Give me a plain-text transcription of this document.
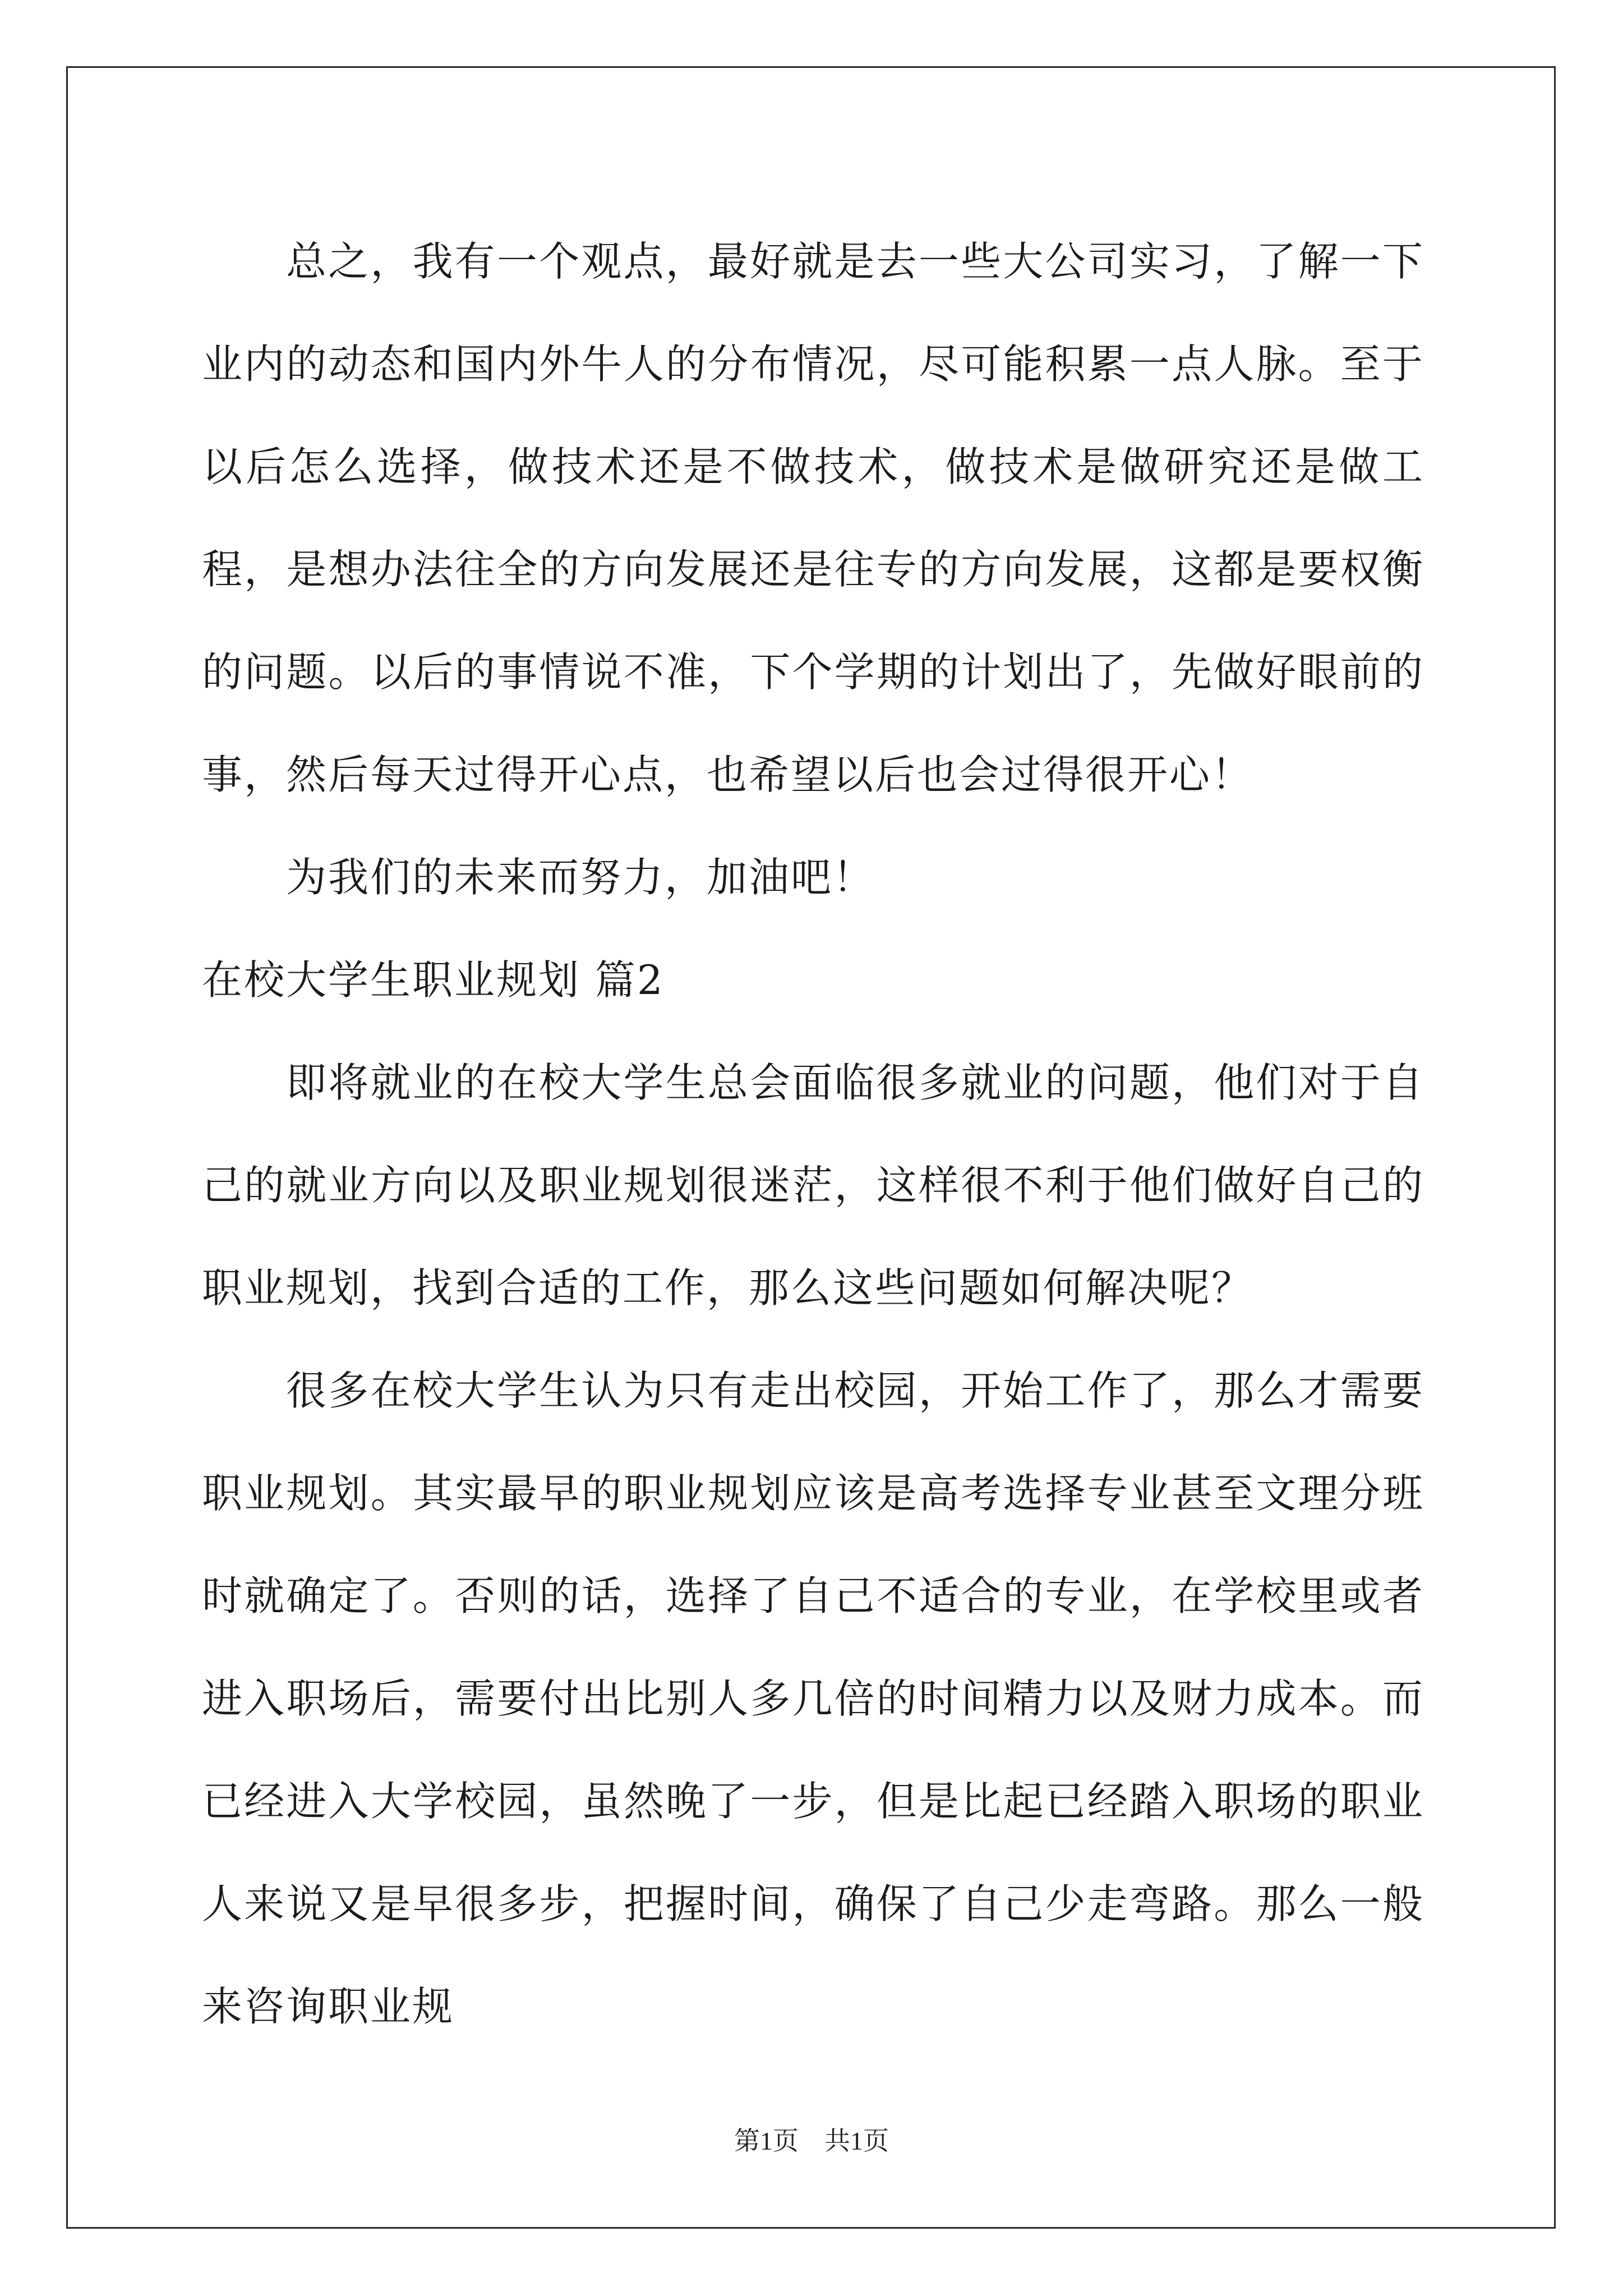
总之，我有一个观点，最好就是去一些大公司实习，了解一下业内的动态和国内外牛人的分布情况，尽可能积累一点人脉。至于以后怎么选择，做技术还是不做技术，做技术是做研究还是做工程，是想办法往全的方向发展还是往专的方向发展，这都是要权衡的问题。以后的事情说不准，下个学期的计划出了，先做好眼前的事，然后每天过得开心点，也希望以后也会过得很开心！

为我们的未来而努力，加油吧！

在校大学生职业规划 篇2

即将就业的在校大学生总会面临很多就业的问题，他们对于自己的就业方向以及职业规划很迷茫，这样很不利于他们做好自己的职业规划，找到合适的工作，那么这些问题如何解决呢？

很多在校大学生认为只有走出校园，开始工作了，那么才需要职业规划。其实最早的职业规划应该是高考选择专业甚至文理分班时就确定了。否则的话，选择了自己不适合的专业，在学校里或者进入职场后，需要付出比别人多几倍的时间精力以及财力成本。而已经进入大学校园，虽然晚了一步，但是比起已经踏入职场的职业人来说又是早很多步，把握时间，确保了自己少走弯路。那么一般来咨询职业规

第1页　共1页
